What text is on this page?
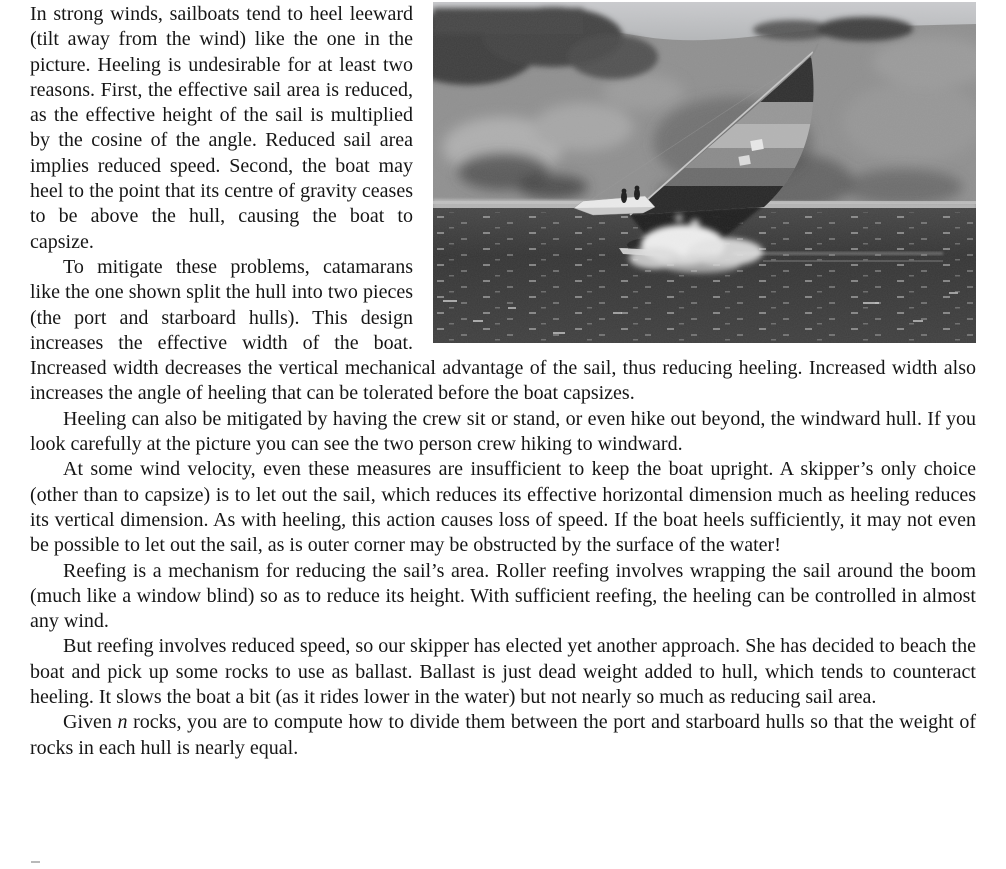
In strong winds, sailboats tend to heel leeward (tilt away from the wind) like the one in the picture. Heeling is undesirable for at least two reasons. First, the effective sail area is reduced, as the effective height of the sail is multiplied by the cosine of the angle. Reduced sail area implies reduced speed. Second, the boat may heel to the point that its centre of gravity ceases to be above the hull, causing the boat to capsize.

To mitigate these problems, catamarans like the one shown split the hull into two pieces (the port and starboard hulls). This design increases the effective width of the boat. Increased width decreases the vertical mechanical advantage of the sail, thus reducing heeling. Increased width also increases the angle of heeling that can be tolerated before the boat capsizes.

Heeling can also be mitigated by having the crew sit or stand, or even hike out beyond, the windward hull. If you look carefully at the picture you can see the two person crew hiking to windward.

At some wind velocity, even these measures are insufficient to keep the boat upright. A skipper’s only choice (other than to capsize) is to let out the sail, which reduces its effective horizontal dimension much as heeling reduces its vertical dimension. As with heeling, this action causes loss of speed. If the boat heels sufficiently, it may not even be possible to let out the sail, as is outer corner may be obstructed by the surface of the water!

Reefing is a mechanism for reducing the sail’s area. Roller reefing involves wrapping the sail around the boom (much like a window blind) so as to reduce its height. With sufficient reefing, the heeling can be controlled in almost any wind.

But reefing involves reduced speed, so our skipper has elected yet another approach. She has decided to beach the boat and pick up some rocks to use as ballast. Ballast is just dead weight added to hull, which tends to counteract heeling. It slows the boat a bit (as it rides lower in the water) but not nearly so much as reducing sail area.

Given n rocks, you are to compute how to divide them between the port and starboard hulls so that the weight of rocks in each hull is nearly equal.
